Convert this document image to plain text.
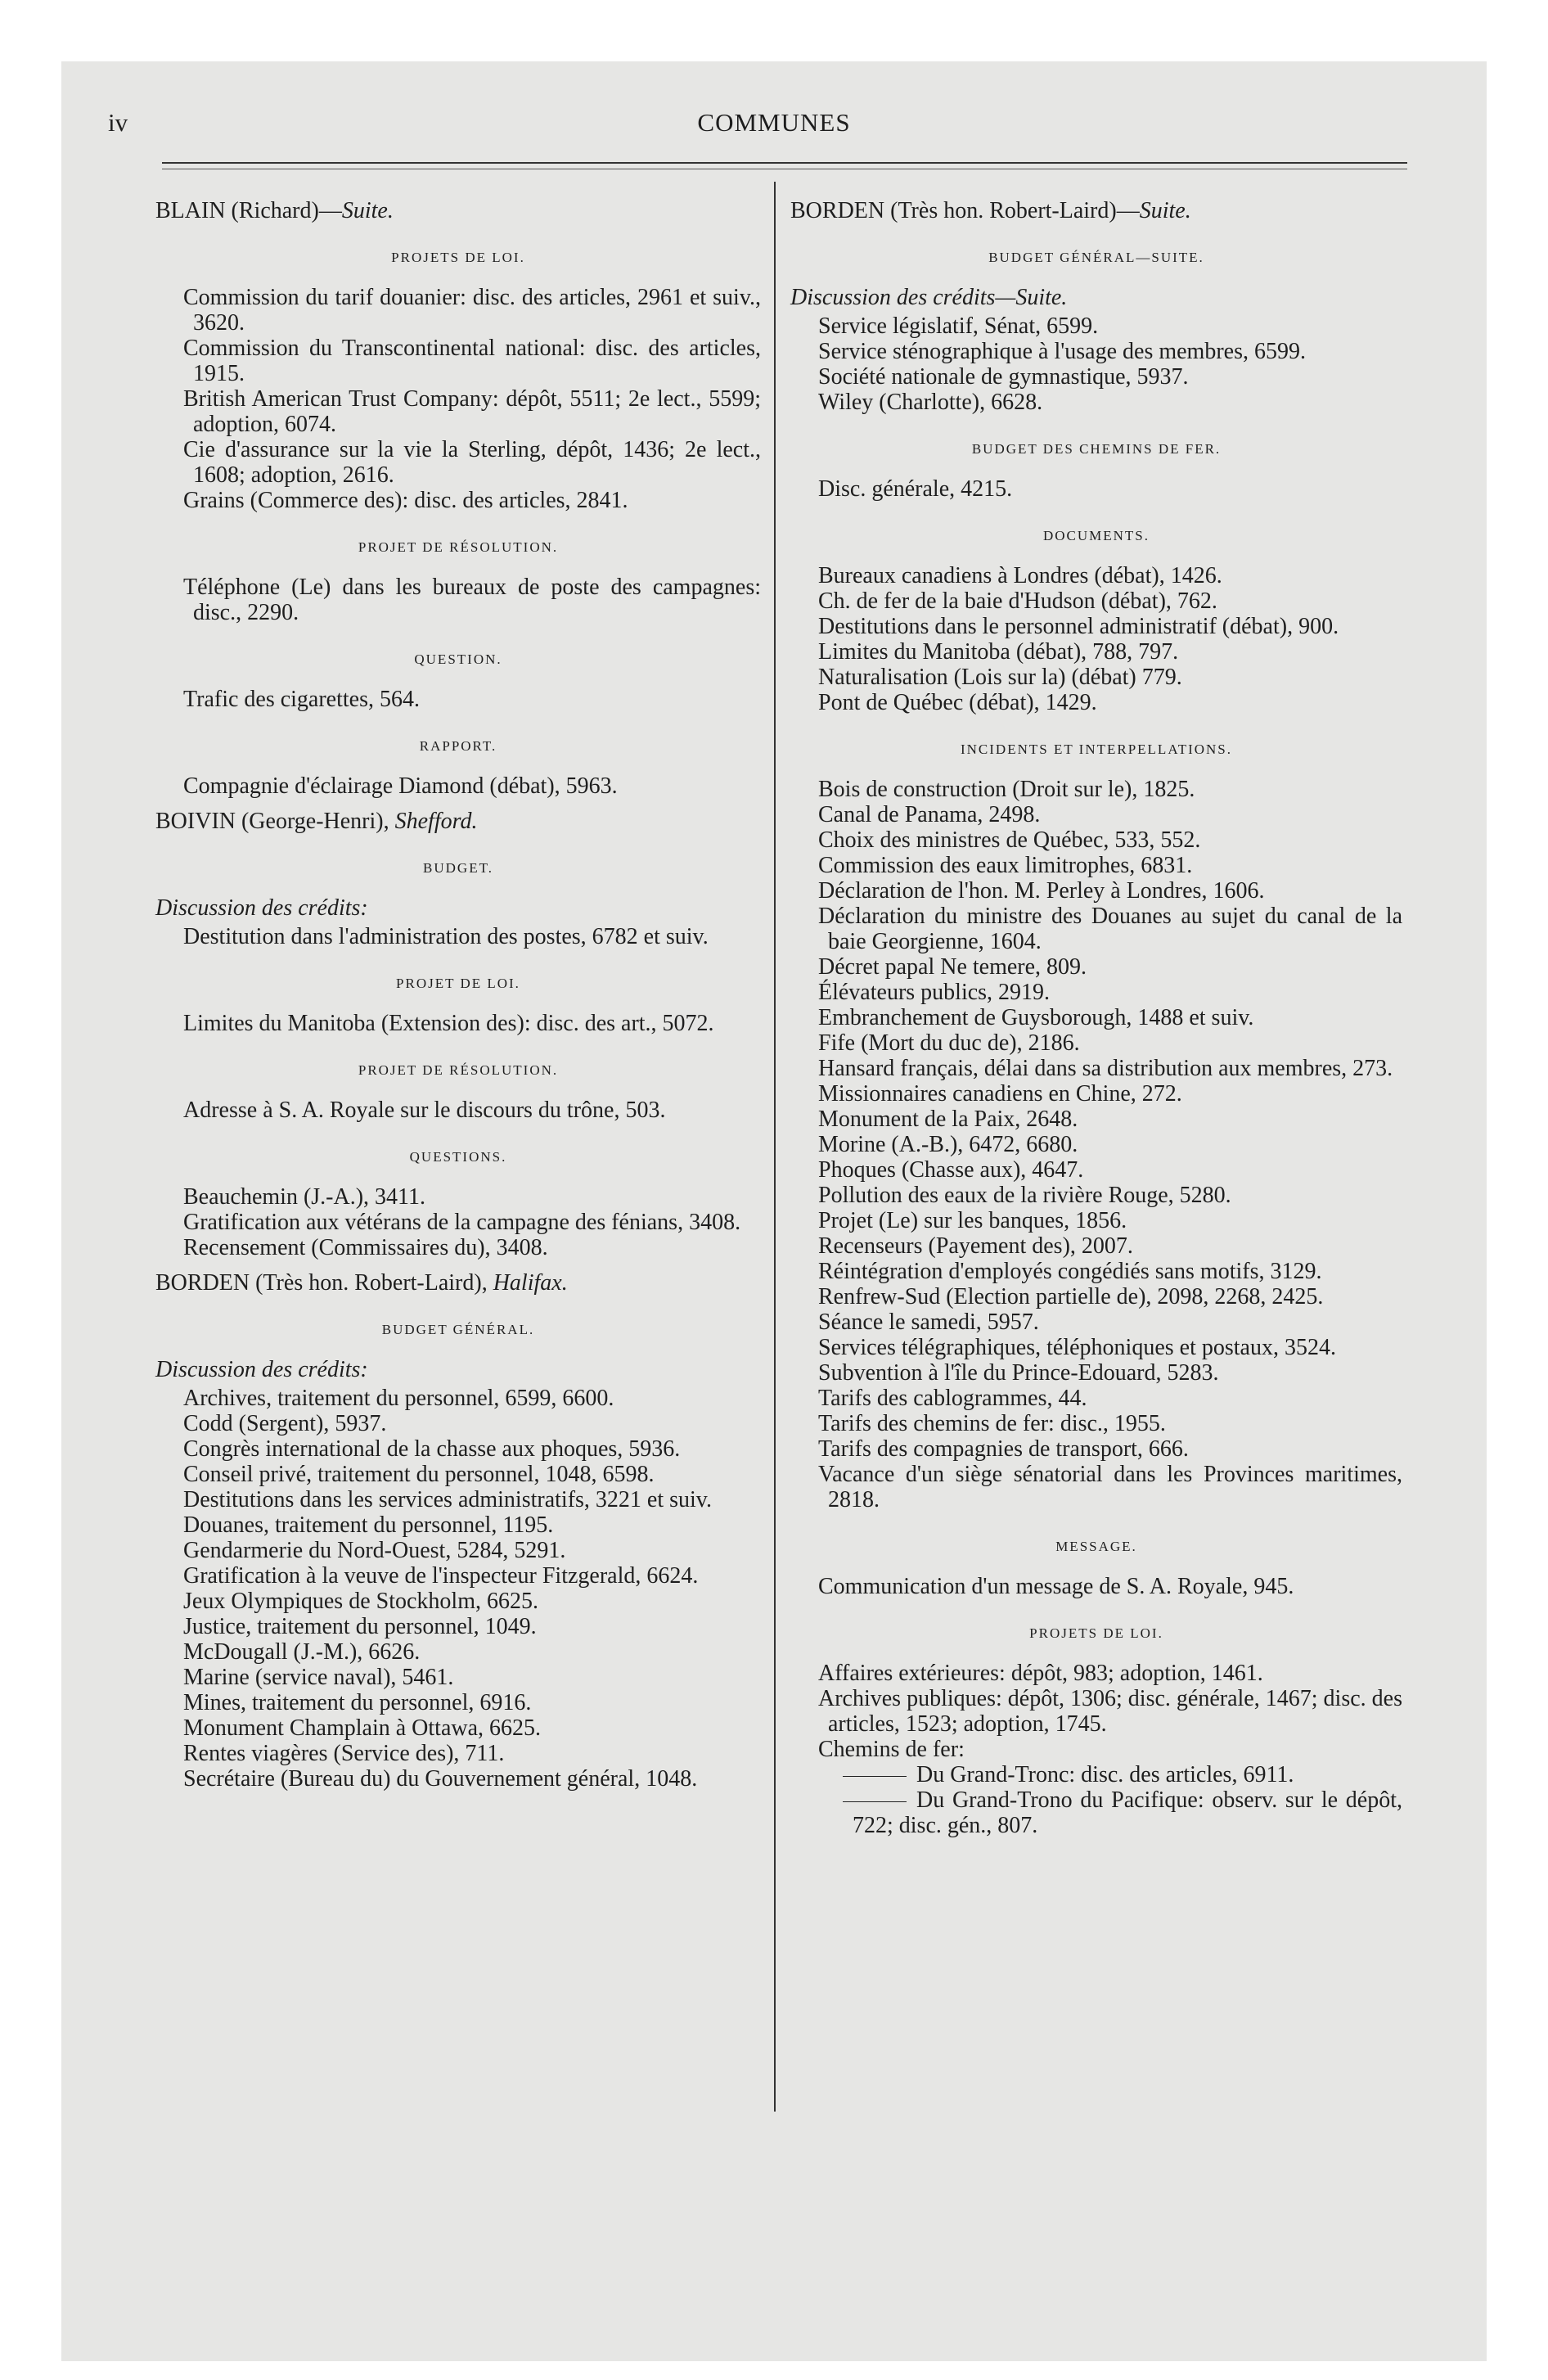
iv	COMMUNES
BLAIN (Richard)—Suite.
PROJETS DE LOI.
Commission du tarif douanier: disc. des articles, 2961 et suiv., 3620.
Commission du Transcontinental national: disc. des articles, 1915.
British American Trust Company: dépôt, 5511; 2e lect., 5599; adoption, 6074.
Cie d'assurance sur la vie la Sterling, dépôt, 1436; 2e lect., 1608; adoption, 2616.
Grains (Commerce des): disc. des articles, 2841.
PROJET DE RÉSOLUTION.
Téléphone (Le) dans les bureaux de poste des campagnes: disc., 2290.
QUESTION.
Trafic des cigarettes, 564.
RAPPORT.
Compagnie d'éclairage Diamond (débat), 5963.
BOIVIN (George-Henri), Shefford.
BUDGET.
Discussion des crédits:
Destitution dans l'administration des postes, 6782 et suiv.
PROJET DE LOI.
Limites du Manitoba (Extension des): disc. des art., 5072.
PROJET DE RÉSOLUTION.
Adresse à S. A. Royale sur le discours du trône, 503.
QUESTIONS.
Beauchemin (J.-A.), 3411.
Gratification aux vétérans de la campagne des fénians, 3408.
Recensement (Commissaires du), 3408.
BORDEN (Très hon. Robert-Laird), Halifax.
BUDGET GÉNÉRAL.
Discussion des crédits:
Archives, traitement du personnel, 6599, 6600.
Codd (Sergent), 5937.
Congrès international de la chasse aux phoques, 5936.
Conseil privé, traitement du personnel, 1048, 6598.
Destitutions dans les services administratifs, 3221 et suiv.
Douanes, traitement du personnel, 1195.
Gendarmerie du Nord-Ouest, 5284, 5291.
Gratification à la veuve de l'inspecteur Fitzgerald, 6624.
Jeux Olympiques de Stockholm, 6625.
Justice, traitement du personnel, 1049.
McDougall (J.-M.), 6626.
Marine (service naval), 5461.
Mines, traitement du personnel, 6916.
Monument Champlain à Ottawa, 6625.
Rentes viagères (Service des), 711.
Secrétaire (Bureau du) du Gouvernement général, 1048.
BORDEN (Très hon. Robert-Laird)—Suite.
BUDGET GÉNÉRAL—SUITE.
Discussion des crédits—Suite.
Service législatif, Sénat, 6599.
Service sténographique à l'usage des membres, 6599.
Société nationale de gymnastique, 5937.
Wiley (Charlotte), 6628.
BUDGET DES CHEMINS DE FER.
Disc. générale, 4215.
DOCUMENTS.
Bureaux canadiens à Londres (débat), 1426.
Ch. de fer de la baie d'Hudson (débat), 762.
Destitutions dans le personnel administratif (débat), 900.
Limites du Manitoba (débat), 788, 797.
Naturalisation (Lois sur la) (débat) 779.
Pont de Québec (débat), 1429.
INCIDENTS ET INTERPELLATIONS.
Bois de construction (Droit sur le), 1825.
Canal de Panama, 2498.
Choix des ministres de Québec, 533, 552.
Commission des eaux limitrophes, 6831.
Déclaration de l'hon. M. Perley à Londres, 1606.
Déclaration du ministre des Douanes au sujet du canal de la baie Georgienne, 1604.
Décret papal Ne temere, 809.
Élévateurs publics, 2919.
Embranchement de Guysborough, 1488 et suiv.
Fife (Mort du duc de), 2186.
Hansard français, délai dans sa distribution aux membres, 273.
Missionnaires canadiens en Chine, 272.
Monument de la Paix, 2648.
Morine (A.-B.), 6472, 6680.
Phoques (Chasse aux), 4647.
Pollution des eaux de la rivière Rouge, 5280.
Projet (Le) sur les banques, 1856.
Recenseurs (Payement des), 2007.
Réintégration d'employés congédiés sans motifs, 3129.
Renfrew-Sud (Election partielle de), 2098, 2268, 2425.
Séance le samedi, 5957.
Services télégraphiques, téléphoniques et postaux, 3524.
Subvention à l'île du Prince-Edouard, 5283.
Tarifs des cablogrammes, 44.
Tarifs des chemins de fer: disc., 1955.
Tarifs des compagnies de transport, 666.
Vacance d'un siège sénatorial dans les Provinces maritimes, 2818.
MESSAGE.
Communication d'un message de S. A. Royale, 945.
PROJETS DE LOI.
Affaires extérieures: dépôt, 983; adoption, 1461.
Archives publiques: dépôt, 1306; disc. générale, 1467; disc. des articles, 1523; adoption, 1745.
Chemins de fer:
Du Grand-Tronc: disc. des articles, 6911.
Du Grand-Trono du Pacifique: observ. sur le dépôt, 722; disc. gén., 807.
